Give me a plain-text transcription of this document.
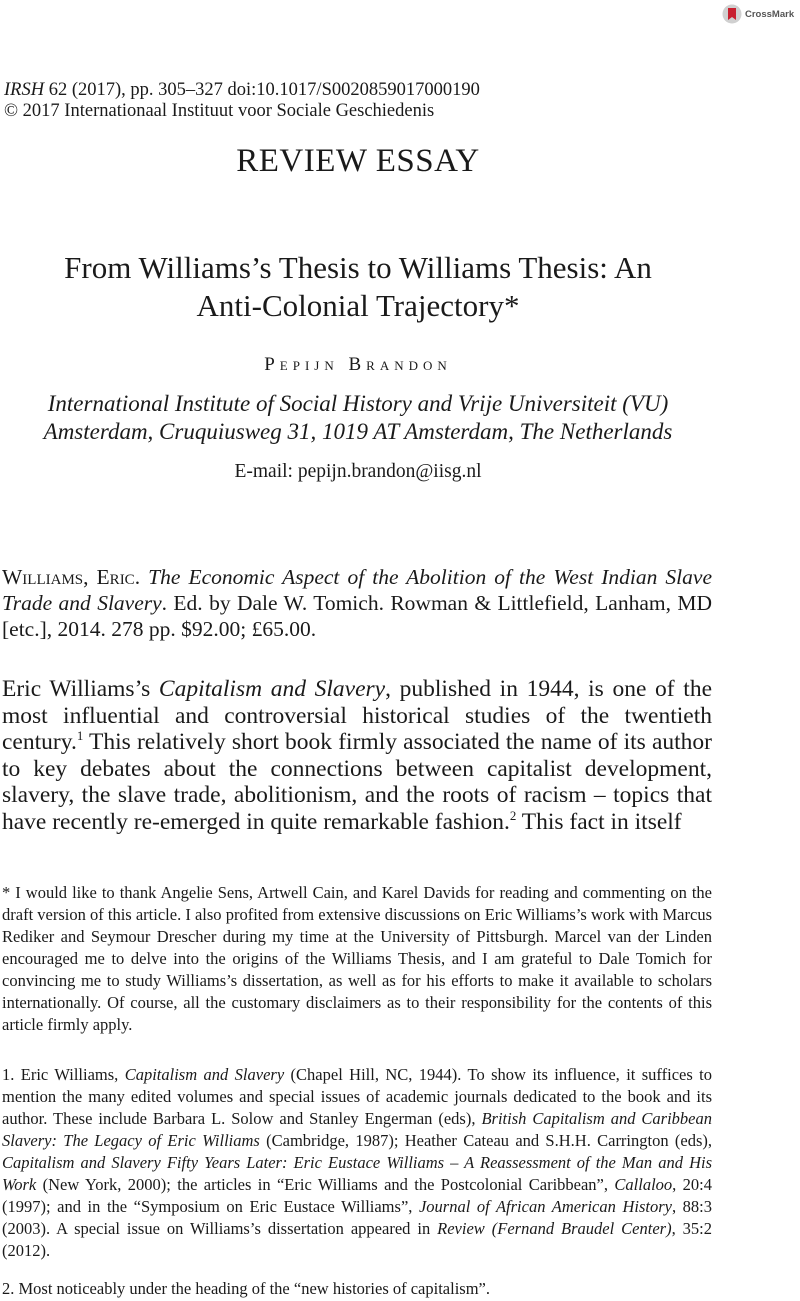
CrossMark
IRSH 62 (2017), pp. 305–327 doi:10.1017/S0020859017000190
© 2017 Internationaal Instituut voor Sociale Geschiedenis
REVIEW ESSAY
From Williams’s Thesis to Williams Thesis: An
Anti-Colonial Trajectory*
Pepijn Brandon
International Institute of Social History and Vrije Universiteit (VU)
Amsterdam, Cruquiusweg 31, 1019 AT Amsterdam, The Netherlands
E-mail: pepijn.brandon@iisg.nl
Williams, Eric. The Economic Aspect of the Abolition of the West Indian Slave Trade and Slavery. Ed. by Dale W. Tomich. Rowman & Littlefield, Lanham, MD [etc.], 2014. 278 pp. $92.00; £65.00.
Eric Williams’s Capitalism and Slavery, published in 1944, is one of the most influential and controversial historical studies of the twentieth century.$^1$ This relatively short book firmly associated the name of its author to key debates about the connections between capitalist development, slavery, the slave trade, abolitionism, and the roots of racism – topics that have recently re-emerged in quite remarkable fashion.$^2$ This fact in itself
* I would like to thank Angelie Sens, Artwell Cain, and Karel Davids for reading and commenting on the draft version of this article. I also profited from extensive discussions on Eric Williams’s work with Marcus Rediker and Seymour Drescher during my time at the University of Pittsburgh. Marcel van der Linden encouraged me to delve into the origins of the Williams Thesis, and I am grateful to Dale Tomich for convincing me to study Williams’s dissertation, as well as for his efforts to make it available to scholars internationally. Of course, all the customary disclaimers as to their responsibility for the contents of this article firmly apply.
1. Eric Williams, Capitalism and Slavery (Chapel Hill, NC, 1944). To show its influence, it suffices to mention the many edited volumes and special issues of academic journals dedicated to the book and its author. These include Barbara L. Solow and Stanley Engerman (eds), British Capitalism and Caribbean Slavery: The Legacy of Eric Williams (Cambridge, 1987); Heather Cateau and S.H.H. Carrington (eds), Capitalism and Slavery Fifty Years Later: Eric Eustace Williams – A Reassessment of the Man and His Work (New York, 2000); the articles in “Eric Williams and the Postcolonial Caribbean”, Callaloo, 20:4 (1997); and in the “Symposium on Eric Eustace Williams”, Journal of African American History, 88:3 (2003). A special issue on Williams’s dissertation appeared in Review (Fernand Braudel Center), 35:2 (2012).
2. Most noticeably under the heading of the “new histories of capitalism”.
